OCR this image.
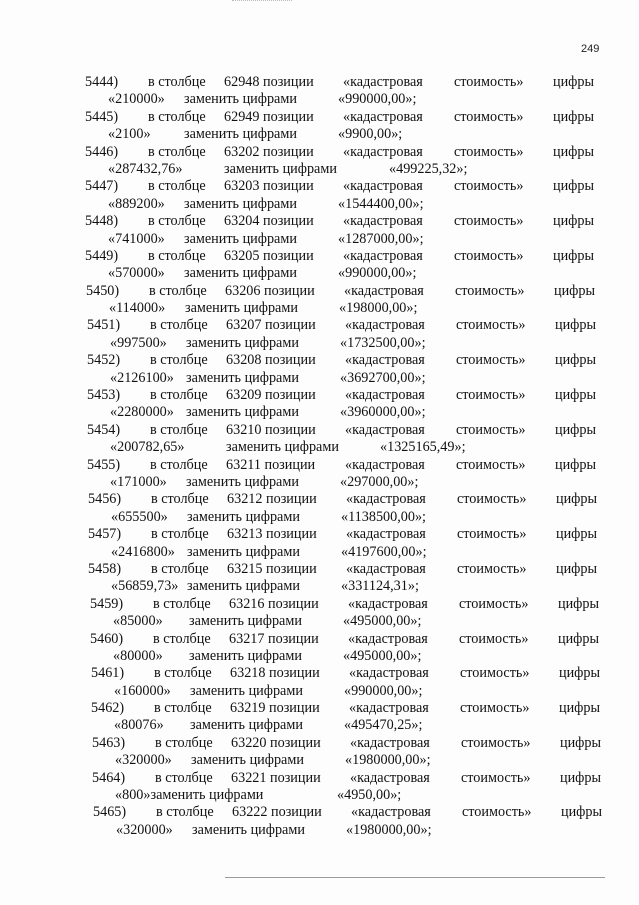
249
5444) в столбце 62948 позиции «кадастровая стоимость» цифры
«210000» заменить цифрами	«990000,00»;
5445) в столбце 62949 позиции «кадастровая стоимость» цифры
«2100» заменить цифрами	«9900,00»;
5446) в столбце 63202 позиции «кадастровая стоимость» цифры
«287432,76»	заменить цифрами	«499225,32»;
5447) в столбце 63203 позиции «кадастровая стоимость» цифры
«889200» заменить цифрами	«1544400,00»;
5448) в столбце 63204 позиции «кадастровая стоимость» цифры
«741000» заменить цифрами	«1287000,00»;
5449) в столбце 63205 позиции «кадастровая стоимость» цифры
«570000» заменить цифрами	«990000,00»;
5450) в столбце 63206 позиции «кадастровая стоимость» цифры
«114000» заменить цифрами	«198000,00»;
5451) в столбце 63207 позиции «кадастровая стоимость» цифры
«997500» заменить цифрами	«1732500,00»;
5452) в столбце 63208 позиции «кадастровая стоимость» цифры
«2126100» заменить цифрами	«3692700,00»;
5453) в столбце 63209 позиции «кадастровая стоимость» цифры
«2280000» заменить цифрами	«3960000,00»;
5454) в столбце 63210 позиции «кадастровая стоимость» цифры
«200782,65»	заменить цифрами	«1325165,49»;
5455) в столбце 63211 позиции «кадастровая стоимость» цифры
«171000» заменить цифрами	«297000,00»;
5456) в столбце 63212 позиции «кадастровая стоимость» цифры
«655500» заменить цифрами	«1138500,00»;
5457) в столбце 63213 позиции «кадастровая стоимость» цифры
«2416800» заменить цифрами	«4197600,00»;
5458) в столбце 63215 позиции «кадастровая стоимость» цифры
«56859,73» заменить цифрами	«331124,31»;
5459) в столбце 63216 позиции «кадастровая стоимость» цифры
«85000» заменить цифрами	«495000,00»;
5460) в столбце 63217 позиции «кадастровая стоимость» цифры
«80000» заменить цифрами	«495000,00»;
5461) в столбце 63218 позиции «кадастровая стоимость» цифры
«160000» заменить цифрами	«990000,00»;
5462) в столбце 63219 позиции «кадастровая стоимость» цифры
«80076» заменить цифрами	«495470,25»;
5463) в столбце 63220 позиции «кадастровая стоимость» цифры
«320000» заменить цифрами	«1980000,00»;
5464) в столбце 63221 позиции «кадастровая стоимость» цифры
«800»заменить цифрами	«4950,00»;
5465) в столбце 63222 позиции «кадастровая стоимость» цифры
«320000» заменить цифрами	«1980000,00»;
